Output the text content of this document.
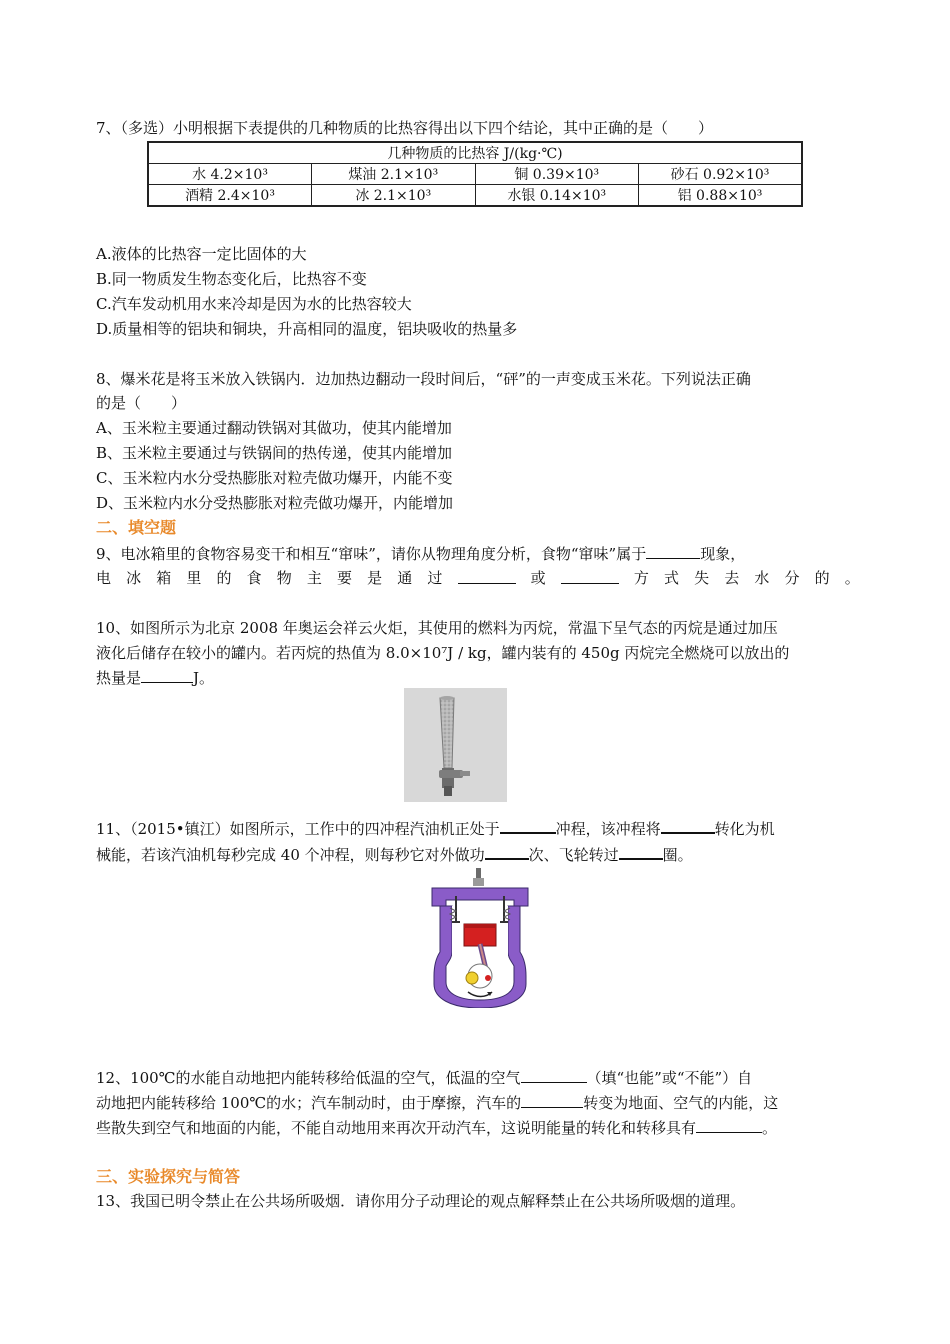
7、（多选）小明根据下表提供的几种物质的比热容得出以下四个结论，其中正确的是（　　）
几种物质的比热容 J/(kg·℃)			
水 4.2×10³	煤油 2.1×10³	铜 0.39×10³	砂石 0.92×10³
酒精 2.4×10³	冰 2.1×10³	水银 0.14×10³	铝 0.88×10³
A.液体的比热容一定比固体的大
B.同一物质发生物态变化后，比热容不变
C.汽车发动机用水来冷却是因为水的比热容较大
D.质量相等的铝块和铜块，升高相同的温度，铝块吸收的热量多
8、爆米花是将玉米放入铁锅内．边加热边翻动一段时间后，“砰”的一声变成玉米花。下列说法正确
的是（　　）
A、玉米粒主要通过翻动铁锅对其做功，使其内能增加
B、玉米粒主要通过与铁锅间的热传递，使其内能增加
C、玉米粒内水分受热膨胀对粒壳做功爆开，内能不变
D、玉米粒内水分受热膨胀对粒壳做功爆开，内能增加
二、填空题
9、电冰箱里的食物容易变干和相互“窜味”，请你从物理角度分析，食物“窜味”属于	现象，
电 冰 箱 里 的 食 物 主 要 是 通 过	或	方 式 失 去 水 分 的 。
10、如图所示为北京 2008 年奥运会祥云火炬，其使用的燃料为丙烷，常温下呈气态的丙烷是通过加压
液化后储存在较小的罐内。若丙烷的热值为 8.0×10⁷J / kg，罐内装有的 450g 丙烷完全燃烧可以放出的
热量是	J。
11、（2015•镇江）如图所示，工作中的四冲程汽油机正处于	冲程，该冲程将	转化为机
械能，若该汽油机每秒完成 40 个冲程，则每秒它对外做功	次、飞轮转过	圈。
12、100℃的水能自动地把内能转移给低温的空气，低温的空气	（填“也能”或“不能”）自
动地把内能转移给 100℃的水；汽车制动时，由于摩擦，汽车的	转变为地面、空气的内能，这
些散失到空气和地面的内能，不能自动地用来再次开动汽车，这说明能量的转化和转移具有	。
三、实验探究与简答
13、我国已明令禁止在公共场所吸烟．请你用分子动理论的观点解释禁止在公共场所吸烟的道理。
